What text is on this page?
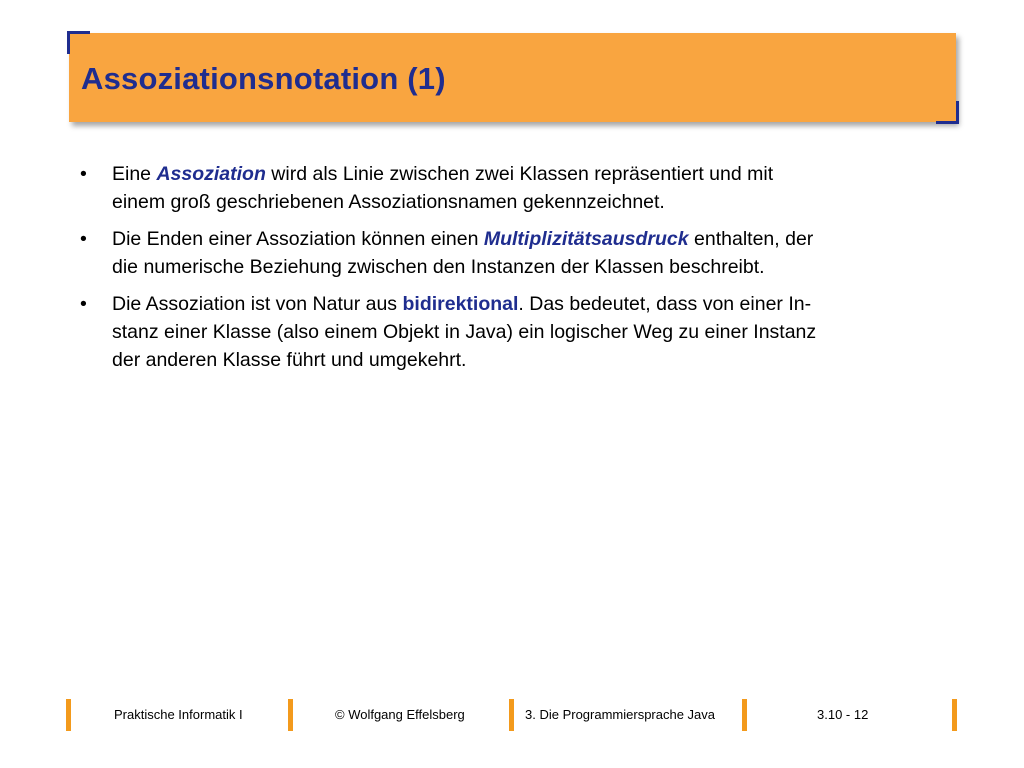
Assoziationsnotation (1)
• Eine Assoziation wird als Linie zwischen zwei Klassen repräsentiert und mit
einem groß geschriebenen Assoziationsnamen gekennzeichnet.
• Die Enden einer Assoziation können einen Multiplizitätsausdruck enthalten, der
die numerische Beziehung zwischen den Instanzen der Klassen beschreibt.
• Die Assoziation ist von Natur aus bidirektional. Das bedeutet, dass von einer In-
stanz einer Klasse (also einem Objekt in Java) ein logischer Weg zu einer Instanz
der anderen Klasse führt und umgekehrt.
Praktische Informatik I	© Wolfgang Effelsberg	3. Die Programmiersprache Java	3.10 - 12
